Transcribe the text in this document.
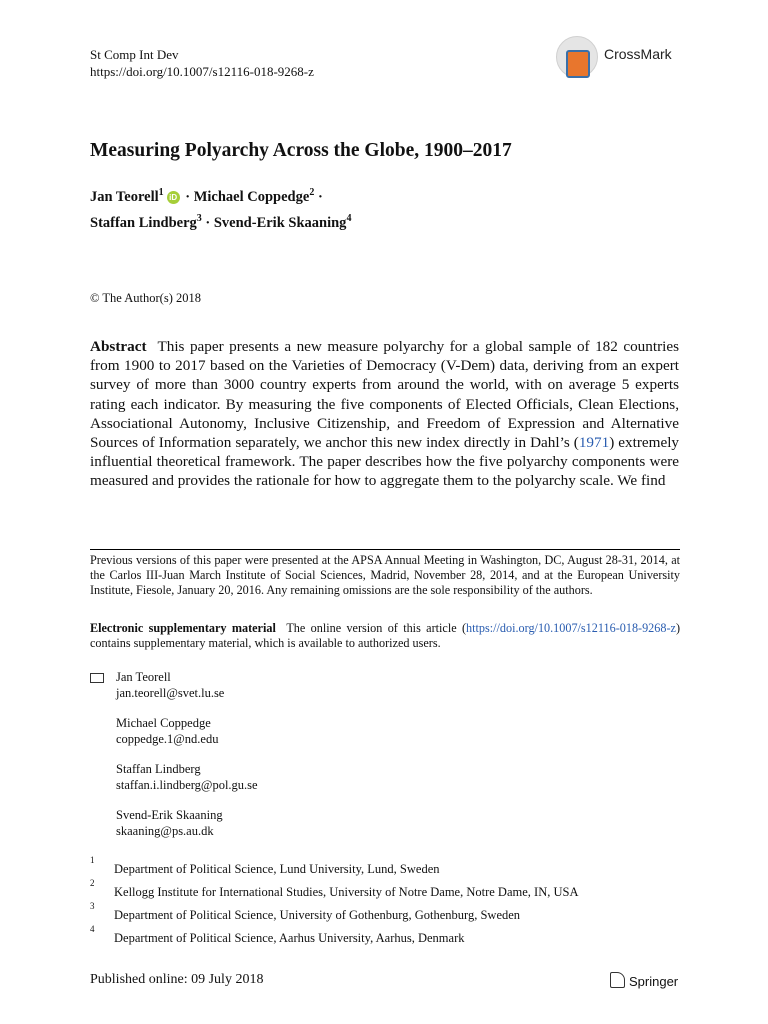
St Comp Int Dev
https://doi.org/10.1007/s12116-018-9268-z
CrossMark
Measuring Polyarchy Across the Globe, 1900–2017
Jan Teorell$^1$ iD · Michael Coppedge$^2$ ·
Staffan Lindberg$^3$ · Svend-Erik Skaaning$^4$
© The Author(s) 2018
Abstract This paper presents a new measure polyarchy for a global sample of 182 countries from 1900 to 2017 based on the Varieties of Democracy (V-Dem) data, deriving from an expert survey of more than 3000 country experts from around the world, with on average 5 experts rating each indicator. By measuring the five components of Elected Officials, Clean Elections, Associational Autonomy, Inclusive Citizenship, and Freedom of Expression and Alternative Sources of Information separately, we anchor this new index directly in Dahl’s (1971) extremely influential theoretical framework. The paper describes how the five polyarchy components were measured and provides the rationale for how to aggregate them to the polyarchy scale. We find
Previous versions of this paper were presented at the APSA Annual Meeting in Washington, DC, August 28-31, 2014, at the Carlos III-Juan March Institute of Social Sciences, Madrid, November 28, 2014, and at the European University Institute, Fiesole, January 20, 2016. Any remaining omissions are the sole responsibility of the authors.
Electronic supplementary material The online version of this article (https://doi.org/10.1007/s12116-018-9268-z) contains supplementary material, which is available to authorized users.
Jan Teorell
jan.teorell@svet.lu.se
Michael Coppedge
coppedge.1@nd.edu
Staffan Lindberg
staffan.i.lindberg@pol.gu.se
Svend-Erik Skaaning
skaaning@ps.au.dk
1
Department of Political Science, Lund University, Lund, Sweden
2
Kellogg Institute for International Studies, University of Notre Dame, Notre Dame, IN, USA
3
Department of Political Science, University of Gothenburg, Gothenburg, Sweden
4
Department of Political Science, Aarhus University, Aarhus, Denmark
Published online: 09 July 2018	Springer
